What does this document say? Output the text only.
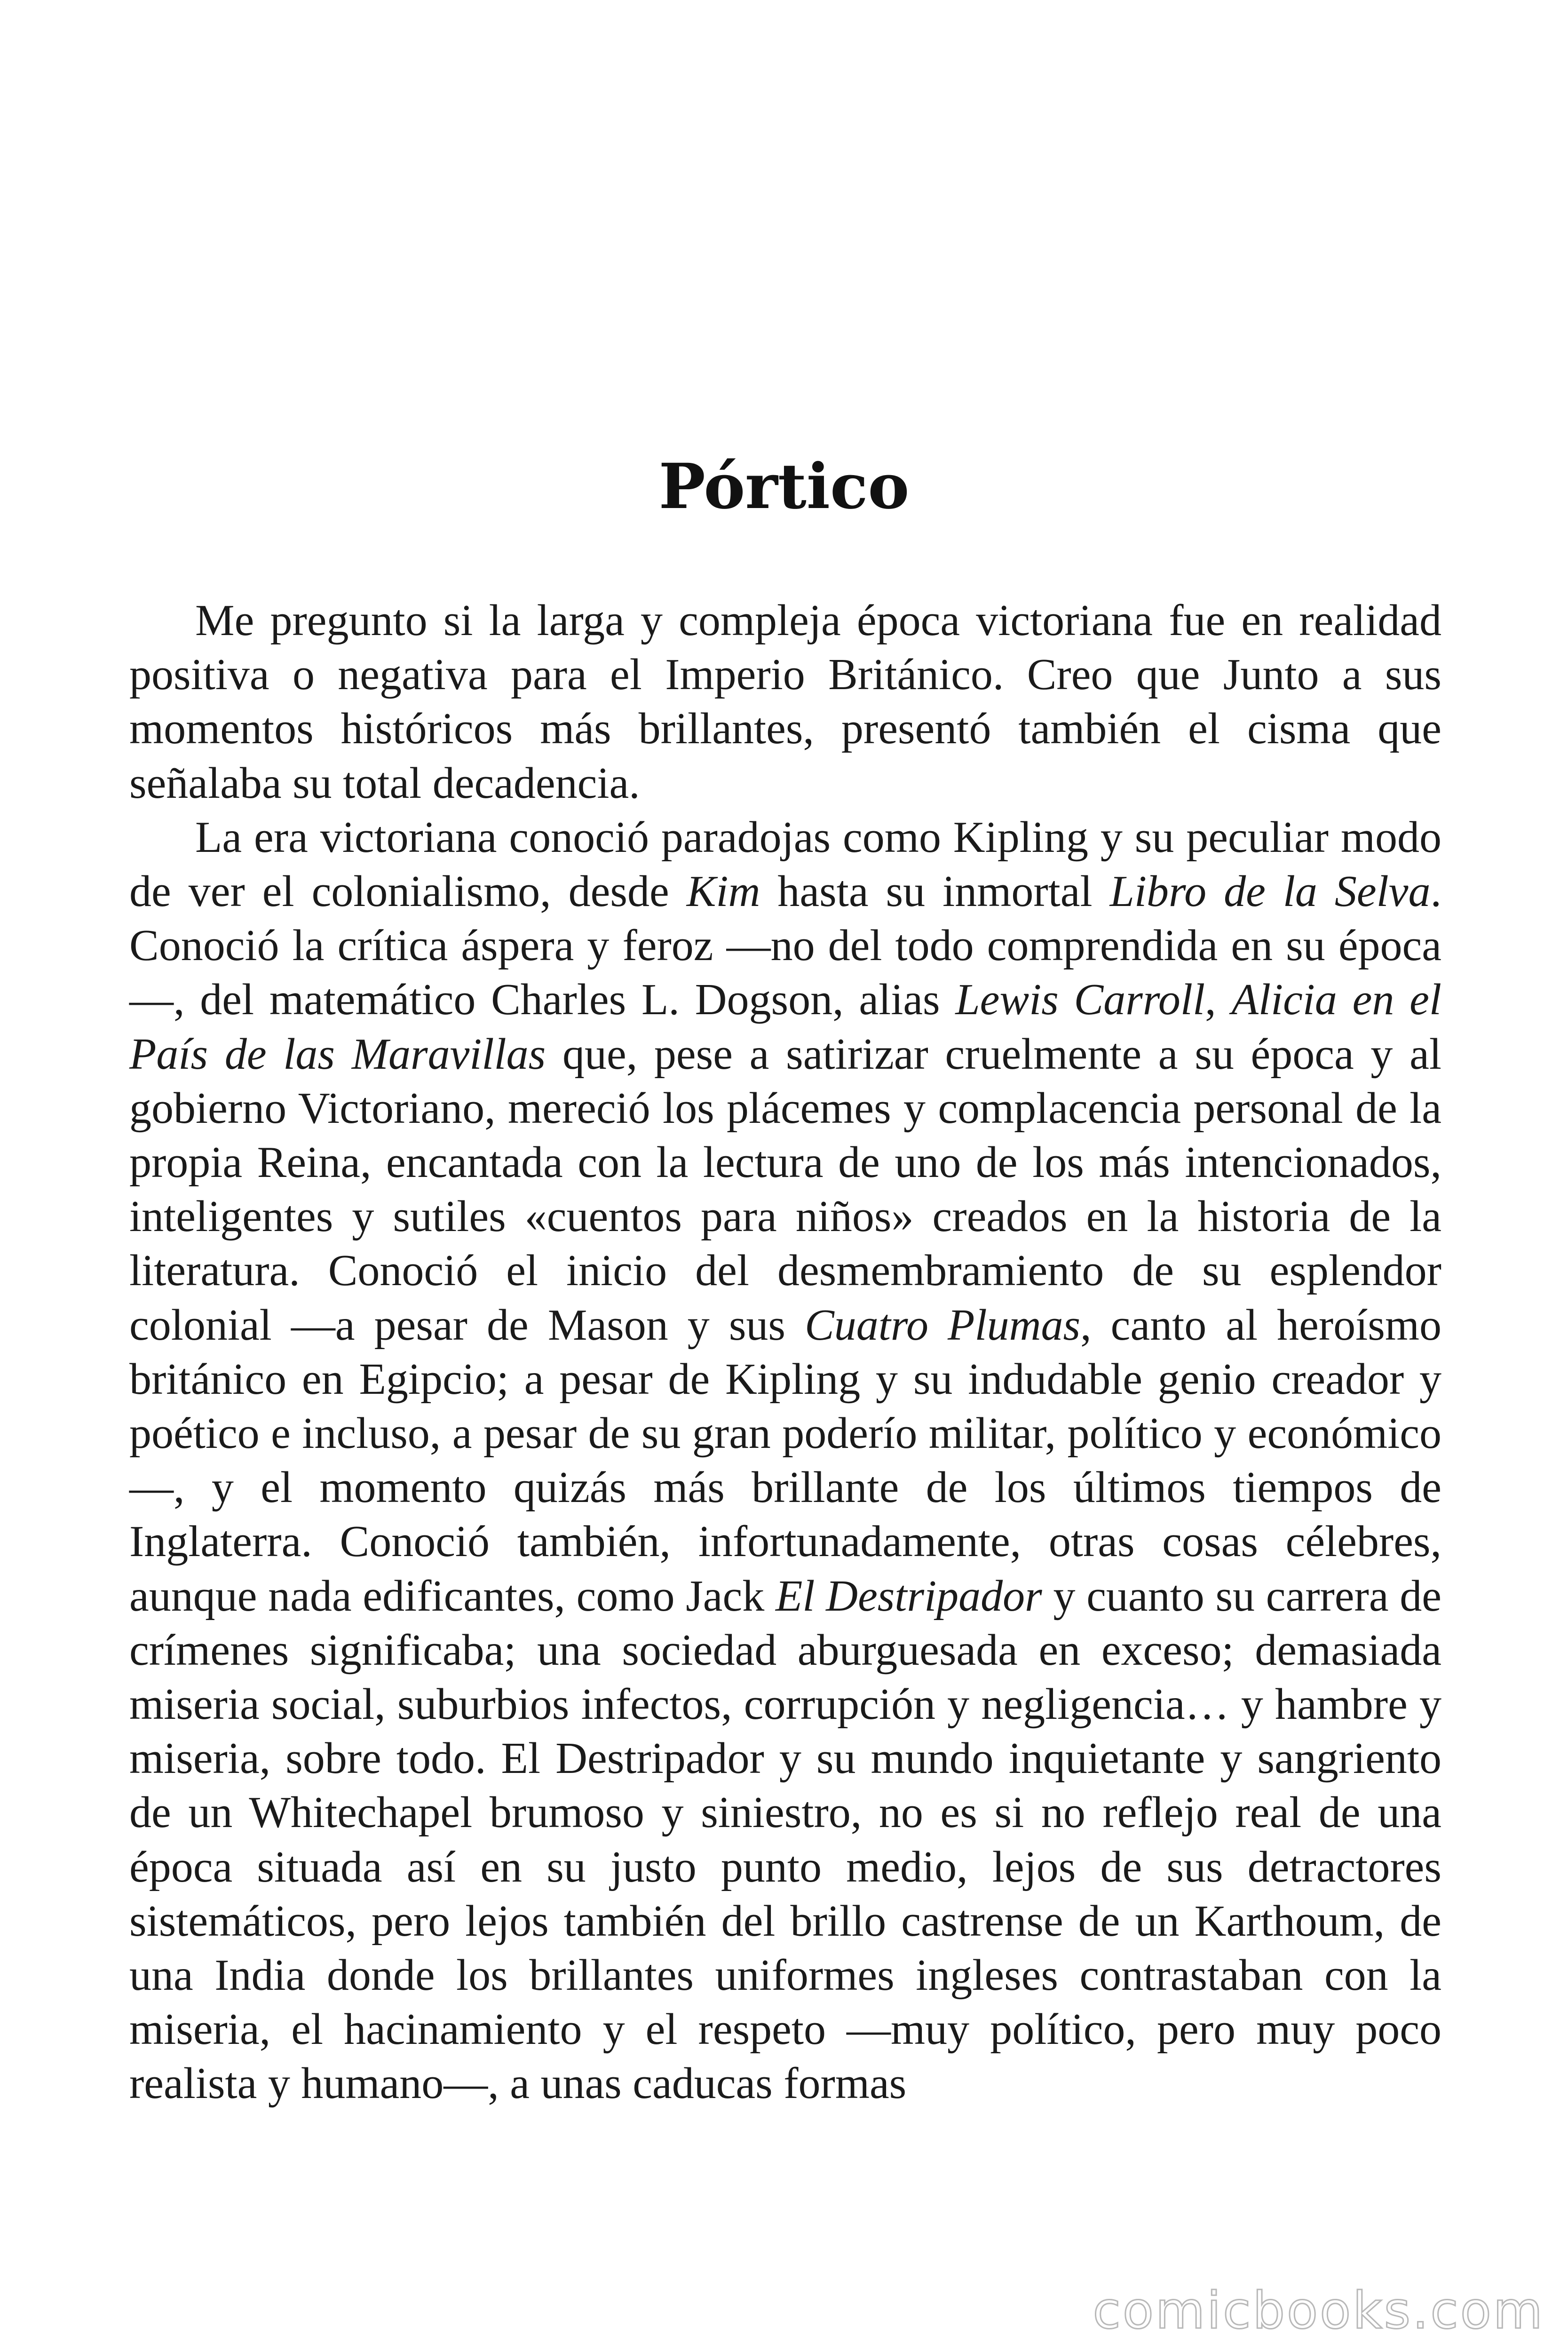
Pórtico

Me pregunto si la larga y compleja época victoriana fue en realidad positiva o negativa para el Imperio Británico. Creo que Junto a sus momentos históricos más brillantes, presentó también el cisma que señalaba su total decadencia.

La era victoriana conoció paradojas como Kipling y su peculiar modo de ver el colonialismo, desde Kim hasta su inmortal Libro de la Selva. Conoció la crítica áspera y feroz —no del todo comprendida en su época—, del matemático Charles L. Dogson, alias Lewis Carroll, Alicia en el País de las Maravillas que, pese a satirizar cruelmente a su época y al gobierno Victoriano, mereció los plácemes y complacencia personal de la propia Reina, encantada con la lectura de uno de los más intencionados, inteligentes y sutiles «cuentos para niños» creados en la historia de la literatura. Conoció el inicio del desmembramiento de su esplendor colonial —a pesar de Mason y sus Cuatro Plumas, canto al heroísmo británico en Egipcio; a pesar de Kipling y su indudable genio creador y poético e incluso, a pesar de su gran poderío militar, político y económico—, y el momento quizás más brillante de los últimos tiempos de Inglaterra. Conoció también, infortunadamente, otras cosas célebres, aunque nada edificantes, como Jack El Destripador y cuanto su carrera de crímenes significaba; una sociedad aburguesada en exceso; demasiada miseria social, suburbios infectos, corrupción y negligencia… y hambre y miseria, sobre todo. El Destripador y su mundo inquietante y sangriento de un Whitechapel brumoso y siniestro, no es si no reflejo real de una época situada así en su justo punto medio, lejos de sus detractores sistemáticos, pero lejos también del brillo castrense de un Karthoum, de una India donde los brillantes uniformes ingleses contrastaban con la miseria, el hacinamiento y el respeto —muy político, pero muy poco realista y humano—, a unas caducas formas

comicbooks.com
